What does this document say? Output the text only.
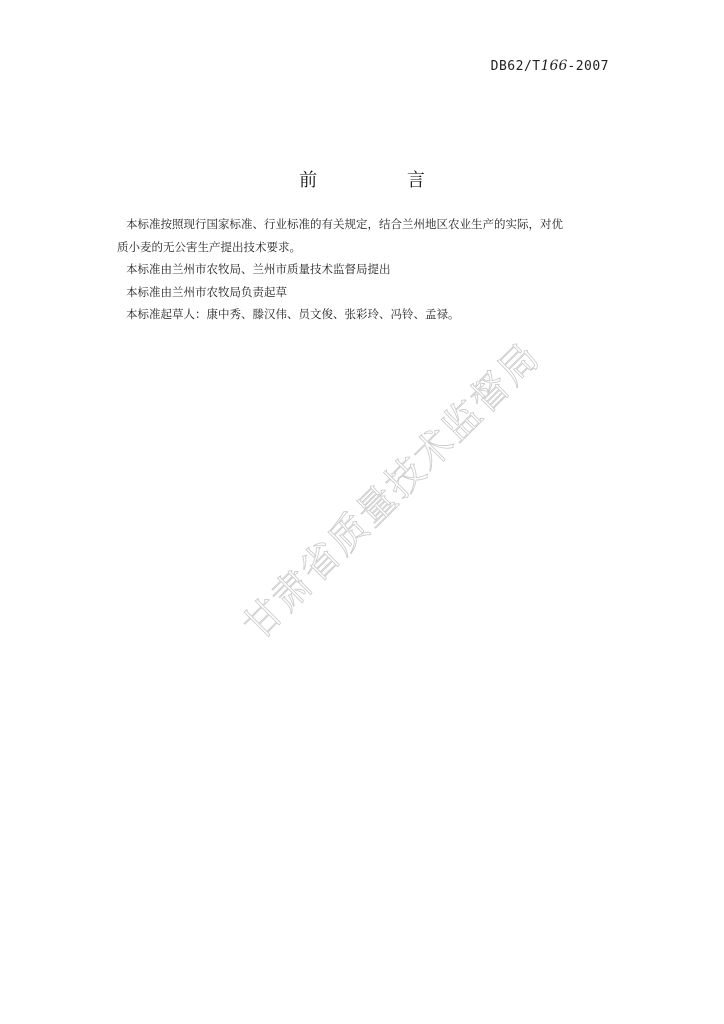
DB62/T166-2007
前 言

本标准按照现行国家标准、行业标准的有关规定，结合兰州地区农业生产的实际，对优

质小麦的无公害生产提出技术要求。

本标准由兰州市农牧局、兰州市质量技术监督局提出

本标准由兰州市农牧局负责起草

本标准起草人：康中秀、滕汉伟、员文俊、张彩玲、冯铃、孟禄。

甘肃省质量技术监督局
